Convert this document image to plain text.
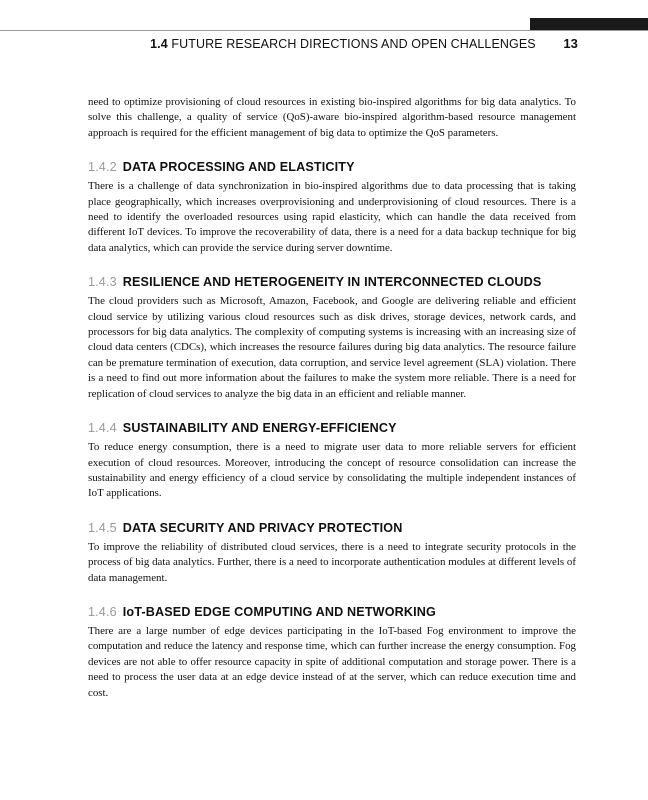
1.4 FUTURE RESEARCH DIRECTIONS AND OPEN CHALLENGES 13

need to optimize provisioning of cloud resources in existing bio-inspired algorithms for big data analytics. To solve this challenge, a quality of service (QoS)-aware bio-inspired algorithm-based resource management approach is required for the efficient management of big data to optimize the QoS parameters.

1.4.2 DATA PROCESSING AND ELASTICITY

There is a challenge of data synchronization in bio-inspired algorithms due to data processing that is taking place geographically, which increases overprovisioning and underprovisioning of cloud resources. There is a need to identify the overloaded resources using rapid elasticity, which can handle the data received from different IoT devices. To improve the recoverability of data, there is a need for a data backup technique for big data analytics, which can provide the service during server downtime.

1.4.3 RESILIENCE AND HETEROGENEITY IN INTERCONNECTED CLOUDS

The cloud providers such as Microsoft, Amazon, Facebook, and Google are delivering reliable and efficient cloud service by utilizing various cloud resources such as disk drives, storage devices, network cards, and processors for big data analytics. The complexity of computing systems is increasing with an increasing size of cloud data centers (CDCs), which increases the resource failures during big data analytics. The resource failure can be premature termination of execution, data corruption, and service level agreement (SLA) violation. There is a need to find out more information about the failures to make the system more reliable. There is a need for replication of cloud services to analyze the big data in an efficient and reliable manner.

1.4.4 SUSTAINABILITY AND ENERGY-EFFICIENCY

To reduce energy consumption, there is a need to migrate user data to more reliable servers for efficient execution of cloud resources. Moreover, introducing the concept of resource consolidation can increase the sustainability and energy efficiency of a cloud service by consolidating the multiple independent instances of IoT applications.

1.4.5 DATA SECURITY AND PRIVACY PROTECTION

To improve the reliability of distributed cloud services, there is a need to integrate security protocols in the process of big data analytics. Further, there is a need to incorporate authentication modules at different levels of data management.

1.4.6 IoT-BASED EDGE COMPUTING AND NETWORKING

There are a large number of edge devices participating in the IoT-based Fog environment to improve the computation and reduce the latency and response time, which can further increase the energy consumption. Fog devices are not able to offer resource capacity in spite of additional computation and storage power. There is a need to process the user data at an edge device instead of at the server, which can reduce execution time and cost.
